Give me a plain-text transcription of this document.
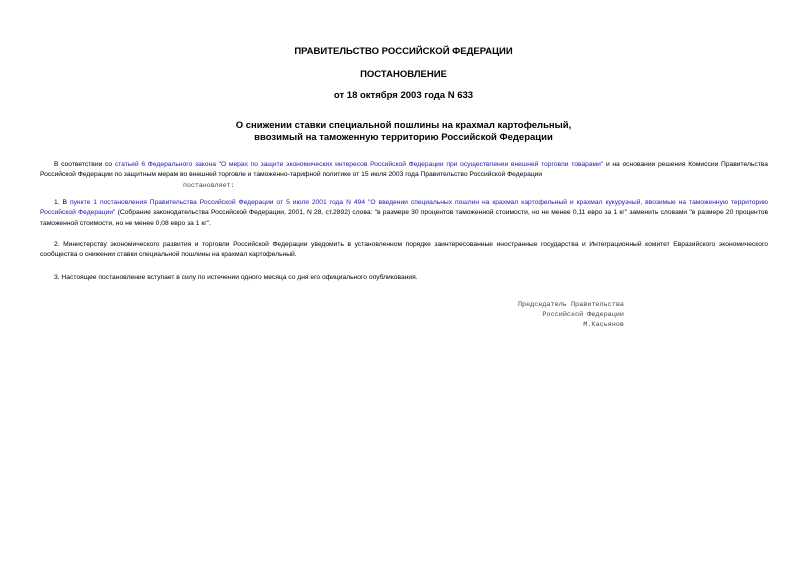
ПРАВИТЕЛЬСТВО РОССИЙСКОЙ ФЕДЕРАЦИИ
ПОСТАНОВЛЕНИЕ
от 18 октября 2003 года N 633
О снижении ставки специальной пошлины на крахмал картофельный,
ввозимый на таможенную территорию Российской Федерации
В соответствии со статьей 6 Федерального закона "О мерах по защите экономических интересов Российской Федерации при осуществлении внешней торговли товарами" и на основании решения Комиссии Правительства Российской Федерации по защитным мерам во внешней торговле и таможенно-тарифной политике от 15 июля 2003 года Правительство Российской Федерации
постановляет:
1. В пункте 1 постановления Правительства Российской Федерации от 5 июля 2001 года N 494 "О введении специальных пошлин на крахмал картофельный и крахмал кукурузный, ввозимые на таможенную территорию Российской Федерации" (Собрание законодательства Российской Федерации, 2001, N 28, ст.2892) слова: "в размере 30 процентов таможенной стоимости, но не менее 0,11 евро за 1 кг" заменить словами "в размере 20 процентов таможенной стоимости, но не менее 0,08 евро за 1 кг".
2. Министерству экономического развития и торговли Российской Федерации уведомить в установленном порядке заинтересованные иностранные государства и Интеграционный комитет Евразийского экономического сообщества о снижении ставки специальной пошлины на крахмал картофельный.
3. Настоящее постановление вступает в силу по истечении одного месяца со дня его официального опубликования.
Председатель Правительства
Российской Федерации
М.Касьянов
